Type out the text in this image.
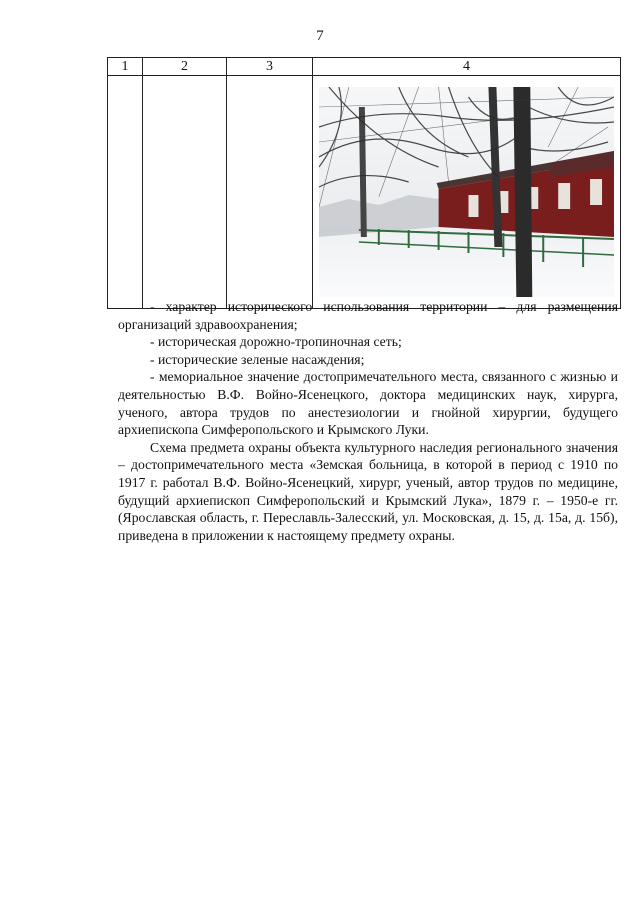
7
1	2	3	4

- характер исторического использования территории – для размещения организаций здравоохранения;

- историческая дорожно-тропиночная сеть;

- исторические зеленые насаждения;

- мемориальное значение достопримечательного места, связанного с жизнью и деятельностью В.Ф. Войно-Ясенецкого, доктора медицинских наук, хирурга, ученого, автора трудов по анестезиологии и гнойной хирургии, будущего архиепископа Симферопольского и Крымского Луки.

Схема предмета охраны объекта культурного наследия регионального значения – достопримечательного места «Земская больница, в которой в период с 1910 по 1917 г. работал В.Ф. Войно-Ясенецкий, хирург, ученый, автор трудов по медицине, будущий архиепископ Симферопольский и Крымский Лука», 1879 г. – 1950-е гг. (Ярославская область, г. Переславль-Залесский, ул. Московская, д. 15, д. 15а, д. 15б), приведена в приложении к настоящему предмету охраны.
